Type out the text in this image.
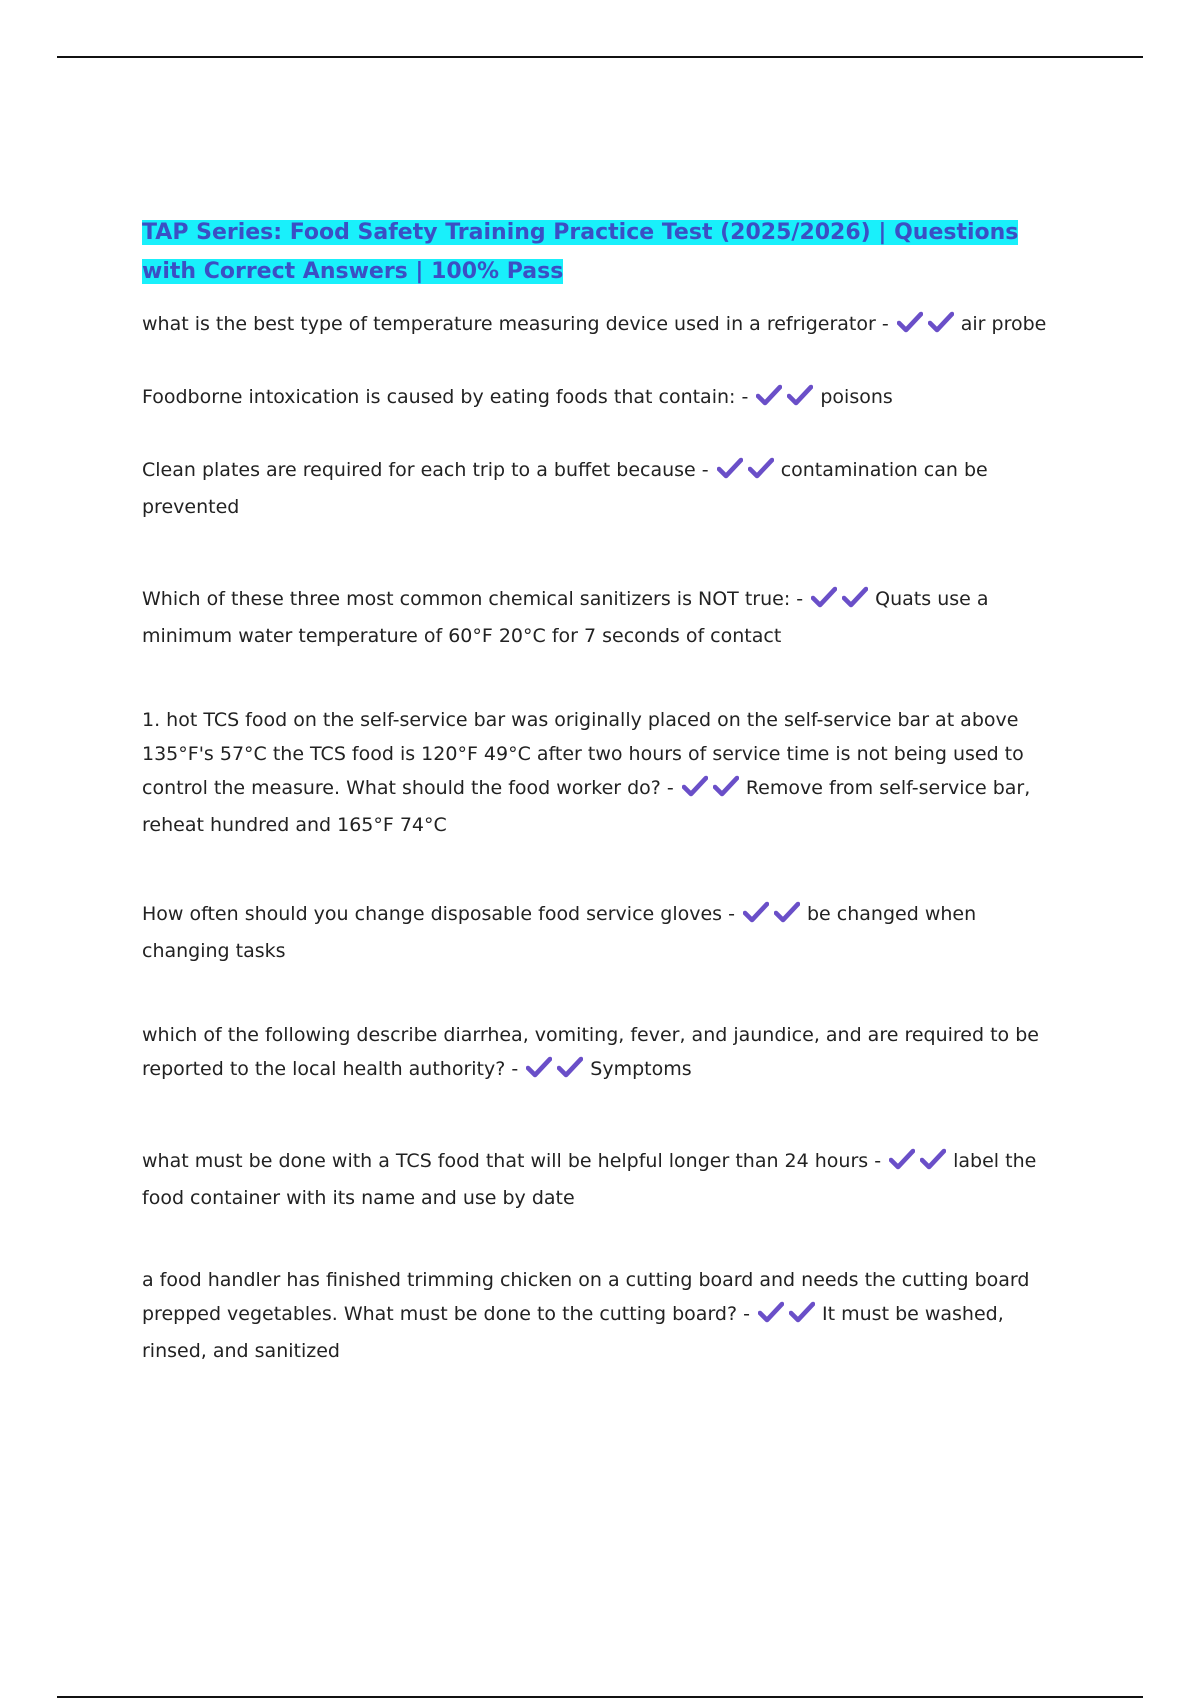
TAP Series: Food Safety Training Practice Test (2025/2026) | Questions with Correct Answers | 100% Pass
what is the best type of temperature measuring device used in a refrigerator -	air probe
Foodborne intoxication is caused by eating foods that contain: -	poisons
Clean plates are required for each trip to a buffet because -	contamination can be prevented
Which of these three most common chemical sanitizers is NOT true: -	Quats use a minimum water temperature of 60°F 20°C for 7 seconds of contact
1. hot TCS food on the self-service bar was originally placed on the self-service bar at above 135°F's 57°C the TCS food is 120°F 49°C after two hours of service time is not being used to control the measure. What should the food worker do? -	Remove from self-service bar, reheat hundred and 165°F 74°C
How often should you change disposable food service gloves -	be changed when changing tasks
which of the following describe diarrhea, vomiting, fever, and jaundice, and are required to be reported to the local health authority? -	Symptoms
what must be done with a TCS food that will be helpful longer than 24 hours -	label the food container with its name and use by date
a food handler has finished trimming chicken on a cutting board and needs the cutting board prepped vegetables. What must be done to the cutting board? -	It must be washed, rinsed, and sanitized
